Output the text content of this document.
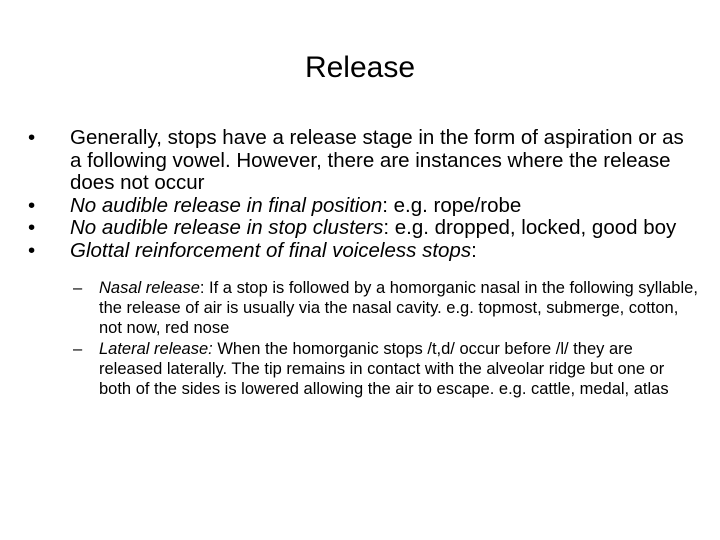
Release

•	Generally, stops have a release stage in the form of aspiration or as a following vowel. However, there are instances where the release does not occur

•	No audible release in final position: e.g. rope/robe

•	No audible release in stop clusters: e.g. dropped, locked, good boy

•	Glottal reinforcement of final voiceless stops:

– Nasal release: If a stop is followed by a homorganic nasal in the following syllable, the release of air is usually via the nasal cavity. e.g. topmost, submerge, cotton, not now, red nose

– Lateral release: When the homorganic stops /t,d/ occur before /l/ they are released laterally. The tip remains in contact with the alveolar ridge but one or both of the sides is lowered allowing the air to escape. e.g. cattle, medal, atlas
